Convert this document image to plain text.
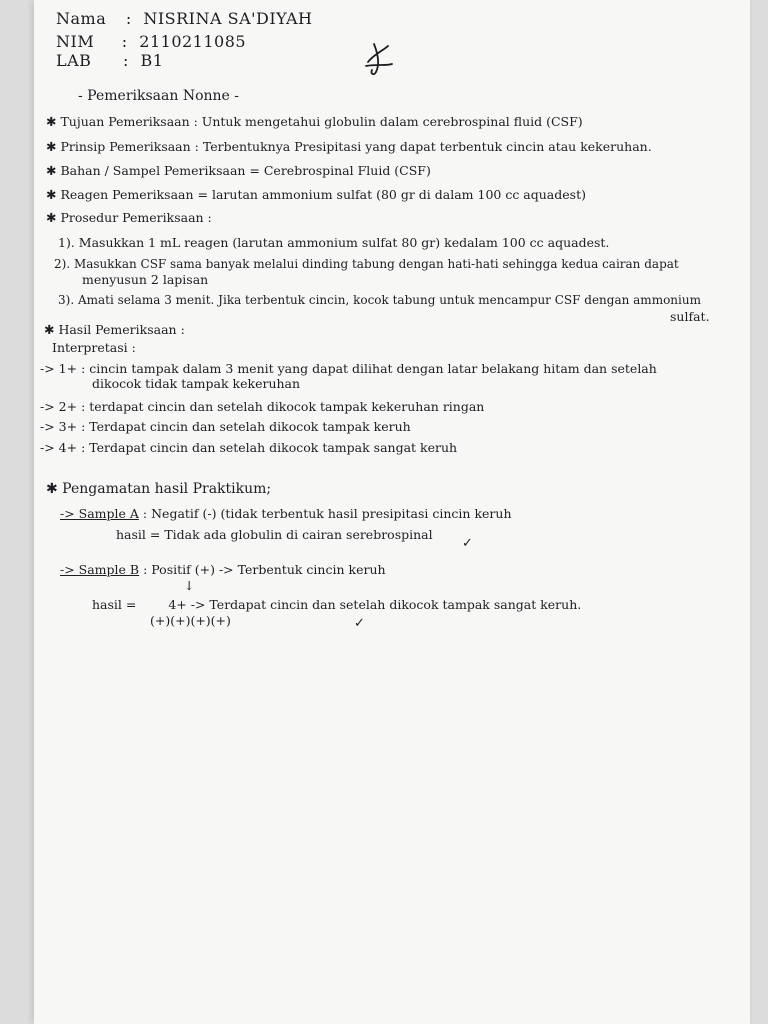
Nama : NISRINA SA'DIYAH
NIM : 2110211085
LAB : B1
- Pemeriksaan Nonne -
✱ Tujuan Pemeriksaan : Untuk mengetahui globulin dalam cerebrospinal fluid (CSF)
✱ Prinsip Pemeriksaan : Terbentuknya Presipitasi yang dapat terbentuk cincin atau kekeruhan.
✱ Bahan / Sampel Pemeriksaan = Cerebrospinal Fluid (CSF)
✱ Reagen Pemeriksaan = larutan ammonium sulfat (80 gr di dalam 100 cc aquadest)
✱ Prosedur Pemeriksaan :
1). Masukkan 1 mL reagen (larutan ammonium sulfat 80 gr) kedalam 100 cc aquadest.
2). Masukkan CSF sama banyak melalui dinding tabung dengan hati-hati sehingga kedua cairan dapat
menyusun 2 lapisan
3). Amati selama 3 menit. Jika terbentuk cincin, kocok tabung untuk mencampur CSF dengan ammonium
sulfat.
✱ Hasil Pemeriksaan :
Interpretasi :
-> 1+ : cincin tampak dalam 3 menit yang dapat dilihat dengan latar belakang hitam dan setelah
dikocok tidak tampak kekeruhan
-> 2+ : terdapat cincin dan setelah dikocok tampak kekeruhan ringan
-> 3+ : Terdapat cincin dan setelah dikocok tampak keruh
-> 4+ : Terdapat cincin dan setelah dikocok tampak sangat keruh
✱ Pengamatan hasil Praktikum;
-> Sample A : Negatif (-) (tidak terbentuk hasil presipitasi cincin keruh
hasil = Tidak ada globulin di cairan serebrospinal
✓
-> Sample B : Positif (+) -> Terbentuk cincin keruh
↓
hasil =	4+ -> Terdapat cincin dan setelah dikocok tampak sangat keruh.
(+)(+)(+)(+)	✓
